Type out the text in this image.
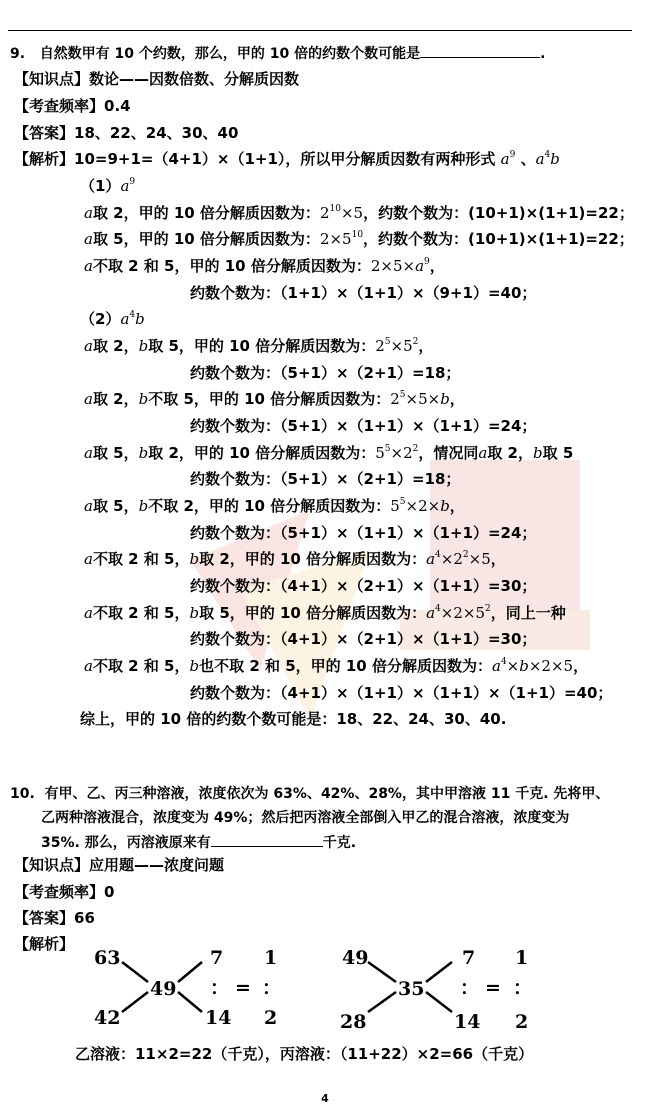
9. 自然数甲有 10 个约数，那么，甲的 10 倍的约数个数可能是	.
【知识点】数论——因数倍数、分解质因数
【考查频率】0.4
【答案】18、22、24、30、40
【解析】10=9+1=（4+1）×（1+1），所以甲分解质因数有两种形式 $a^9$ 、$a^4b$
$(1)a^9$
a取 2，甲的 10 倍分解质因数为：$2^{10}\times 5$，约数个数为：(10+1)×(1+1)=22；
a取 5，甲的 10 倍分解质因数为：$2\times 5^{10}$，约数个数为：(10+1)×(1+1)=22；
a不取 2 和 5，甲的 10 倍分解质因数为：$2\times 5\times a^9$，
约数个数为：（1+1）×（1+1）×（9+1）=40；
$(2)a^4b$
a取 2，b取 5，甲的 10 倍分解质因数为：$2^5\times 5^2$，
约数个数为：（5+1）×（2+1）=18；
a取 2，b不取 5，甲的 10 倍分解质因数为：$2^5\times 5\times b$，
约数个数为：（5+1）×（1+1）×（1+1）=24；
a取 5，b取 2，甲的 10 倍分解质因数为：$5^5\times 2^2$，情况同a取 2，b取 5
约数个数为：（5+1）×（2+1）=18；
a取 5，b不取 2，甲的 10 倍分解质因数为：$5^5\times 2\times b$，
约数个数为：（5+1）×（1+1）×（1+1）=24；
a不取 2 和 5，b取 2，甲的 10 倍分解质因数为：$a^4\times 2^2\times 5$，
约数个数为：（4+1）×（2+1）×（1+1）=30；
a不取 2 和 5，b取 5，甲的 10 倍分解质因数为：$a^4\times 2\times 5^2$，同上一种
约数个数为：（4+1）×（2+1）×（1+1）=30；
a不取 2 和 5，b也不取 2 和 5，甲的 10 倍分解质因数为：$a^4\times b\times 2\times 5$，
约数个数为：（4+1）×（1+1）×（1+1）×（1+1）=40；
综上，甲的 10 倍的约数个数可能是：18、22、24、30、40.
10. 有甲、乙、丙三种溶液，浓度依次为 63%、42%、28%，其中甲溶液 11 千克. 先将甲、
乙两种溶液混合，浓度变为 49%；然后把丙溶液全部倒入甲乙的混合溶液，浓度变为
35%. 那么，丙溶液原来有	千克.
【知识点】应用题——浓度问题
【考查频率】0
【答案】66
【解析】
63
42
49
7
14
： =
1
：
2
49
28
35
7
14
： =
1
：
2
乙溶液：11×2=22（千克），丙溶液：（11+22）×2=66（千克）
4
